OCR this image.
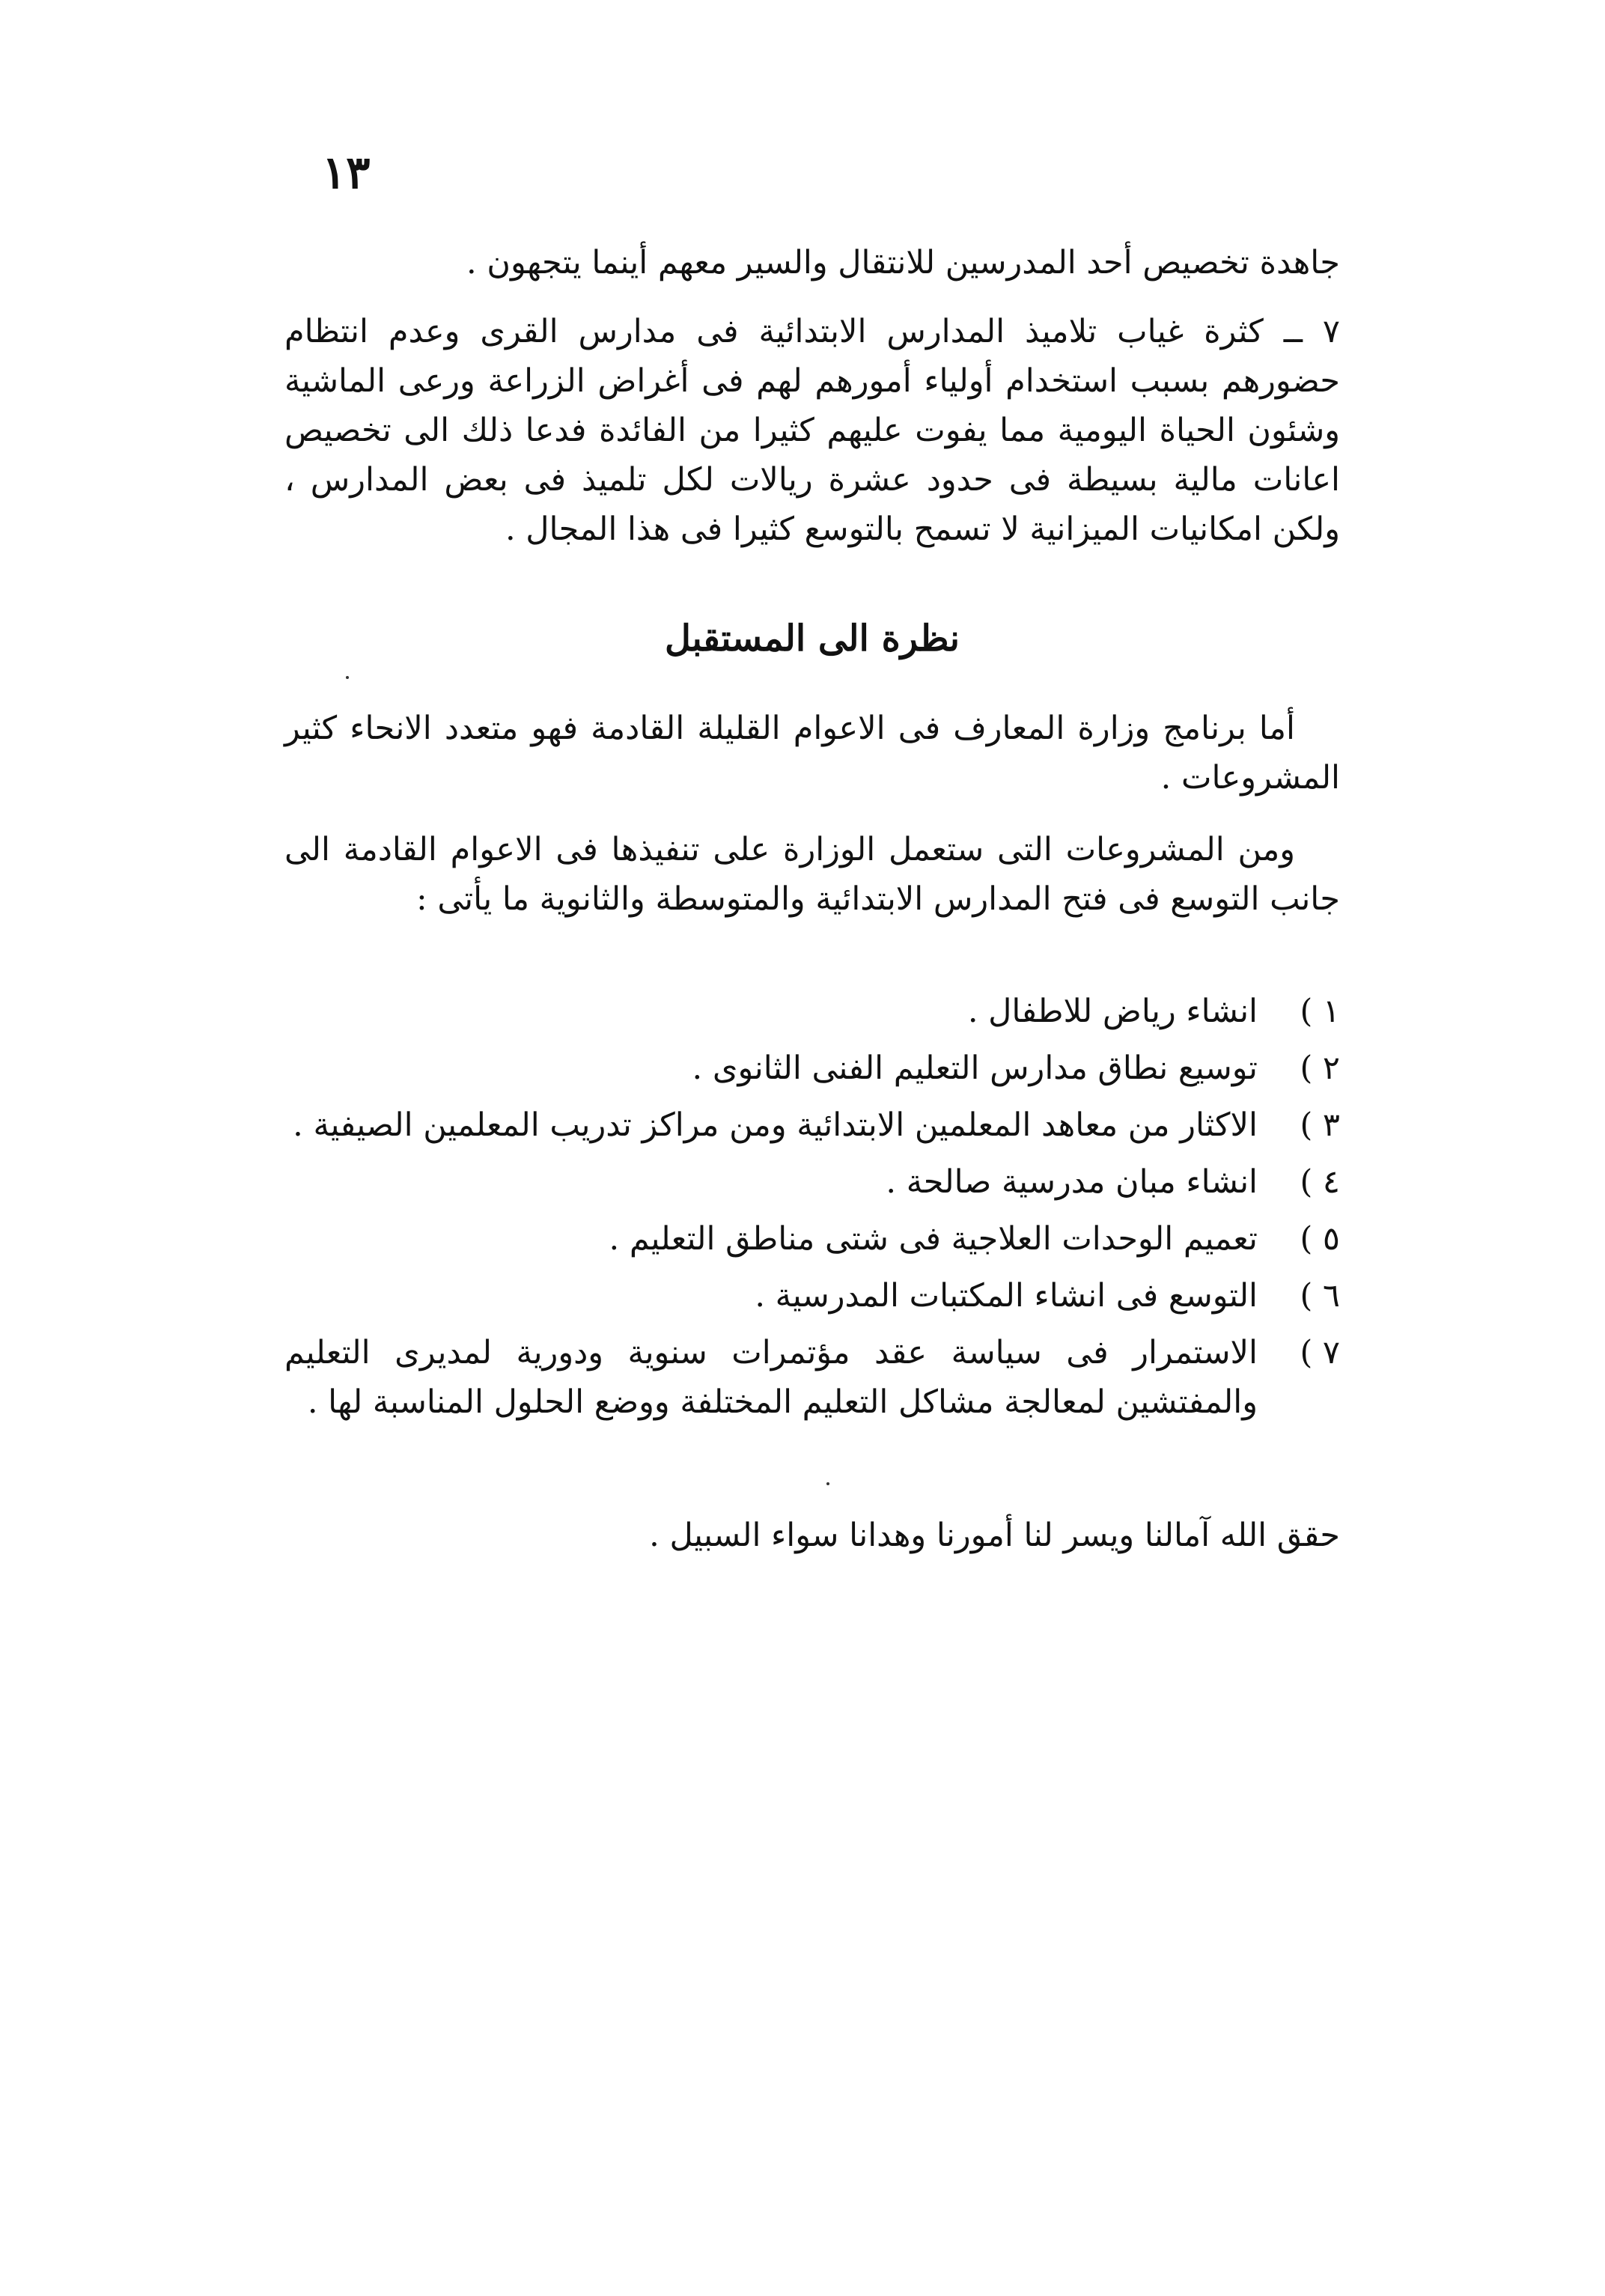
١٣

جاهدة تخصيص أحد المدرسين للانتقال والسير معهم أينما يتجهون .

٧ ــ كثرة غياب تلاميذ المدارس الابتدائية فى مدارس القرى وعدم انتظام حضورهم بسبب استخدام أولياء أمورهم لهم فى أغراض الزراعة ورعى الماشية وشئون الحياة اليومية مما يفوت عليهم كثيرا من الفائدة فدعا ذلك الى تخصيص اعانات مالية بسيطة فى حدود عشرة ريالات لكل تلميذ فى بعض المدارس ، ولكن امكانيات الميزانية لا تسمح بالتوسع كثيرا فى هذا المجال .

نظرة الى المستقبل

أما برنامج وزارة المعارف فى الاعوام القليلة القادمة فهو متعدد الانحاء كثير المشروعات .

ومن المشروعات التى ستعمل الوزارة على تنفيذها فى الاعوام القادمة الى جانب التوسع فى فتح المدارس الابتدائية والمتوسطة والثانوية ما يأتى :

١ )
انشاء رياض للاطفال .
٢ )
توسيع نطاق مدارس التعليم الفنى الثانوى .
٣ )
الاكثار من معاهد المعلمين الابتدائية ومن مراكز تدريب المعلمين الصيفية .
٤ )
انشاء مبان مدرسية صالحة .
٥ )
تعميم الوحدات العلاجية فى شتى مناطق التعليم .
٦ )
التوسع فى انشاء المكتبات المدرسية .
٧ )
الاستمرار فى سياسة عقد مؤتمرات سنوية ودورية لمديرى التعليم والمفتشين لمعالجة مشاكل التعليم المختلفة ووضع الحلول المناسبة لها .

حقق الله آمالنا ويسر لنا أمورنا وهدانا سواء السبيل .
